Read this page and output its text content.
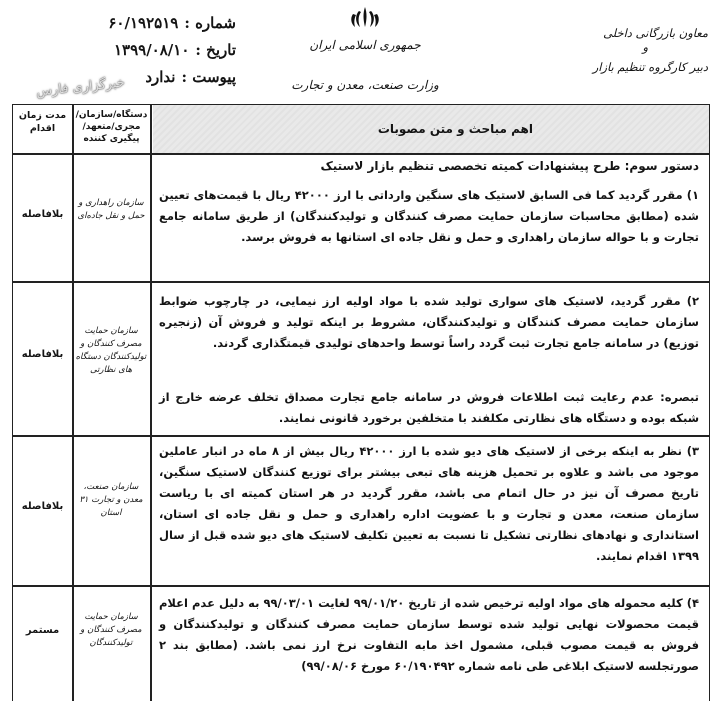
شماره :۶۰/۱۹۲۵۱۹
تاریخ :۱۳۹۹/۰۸/۱۰
پیوست :ندارد
جمهوری اسلامی ایران
وزارت صنعت، معدن و تجارت
معاون بازرگانی داخلی
و
دبیر کارگروه تنظیم بازار
خبرگزاری فارس
مدت زمان اقدام
دستگاه/سازمان/ مجری/متعهد/ پیگیری کننده
اهم مباحث و متن مصوبات
دستور سوم: طرح پیشنهادات کمیته تخصصی تنظیم بازار لاستیک
بلافاصله
سازمان راهداری و حمل و نقل جاده‌ای
۱) مقرر گردید کما فی السابق لاستیک های سنگین وارداتی با ارز ۴۲۰۰۰ ریال با قیمت‌های تعیین شده (مطابق محاسبات سازمان حمایت مصرف کنندگان و تولیدکنندگان) از طریق سامانه جامع تجارت و با حواله سازمان راهداری و حمل و نقل جاده ای استانها به فروش برسد.
بلافاصله
سازمان حمایت مصرف کنندگان و تولیدکنندگان دستگاه های نظارتی
۲) مقرر گردید، لاستیک های سواری تولید شده با مواد اولیه ارز نیمایی، در چارچوب ضوابط سازمان حمایت مصرف کنندگان و تولیدکنندگان، مشروط بر اینکه تولید و فروش آن (زنجیره توزیع) در سامانه جامع تجارت ثبت گردد راساً توسط واحدهای تولیدی قیمتگذاری گردند.
تبصره: عدم رعایت ثبت اطلاعات فروش در سامانه جامع تجارت مصداق تخلف عرضه خارج از شبکه بوده و دستگاه های نظارتی مکلفند با متخلفین برخورد قانونی نمایند.
بلافاصله
سازمان صنعت، معدن و تجارت ۳۱ استان
۳) نظر به اینکه برخی از لاستیک های دیو شده با ارز ۴۲۰۰۰ ریال بیش از ۸ ماه در انبار عاملین موجود می باشد و علاوه بر تحمیل هزینه های تبعی بیشتر برای توزیع کنندگان لاستیک سنگین، تاریخ مصرف آن نیز در حال اتمام می باشد، مقرر گردید در هر استان کمیته ای با ریاست سازمان صنعت، معدن و تجارت و با عضویت اداره راهداری و حمل و نقل جاده ای استان، استانداری و نهادهای نظارتی تشکیل تا نسبت به تعیین تکلیف لاستیک های دیو شده قبل از سال ۱۳۹۹ اقدام نمایند.
مستمر
سازمان حمایت مصرف کنندگان و تولیدکنندگان
۴) کلیه محموله های مواد اولیه ترخیص شده از تاریخ ۹۹/۰۱/۲۰ لغایت ۹۹/۰۳/۰۱ به دلیل عدم اعلام قیمت محصولات نهایی تولید شده توسط سازمان حمایت مصرف کنندگان و تولیدکنندگان و فروش به قیمت مصوب قبلی، مشمول اخذ مابه التفاوت نرخ ارز نمی باشد. (مطابق بند ۲ صورتجلسه لاستیک ابلاغی طی نامه شماره ۶۰/۱۹۰۴۹۲ مورخ ۹۹/۰۸/۰۶)
